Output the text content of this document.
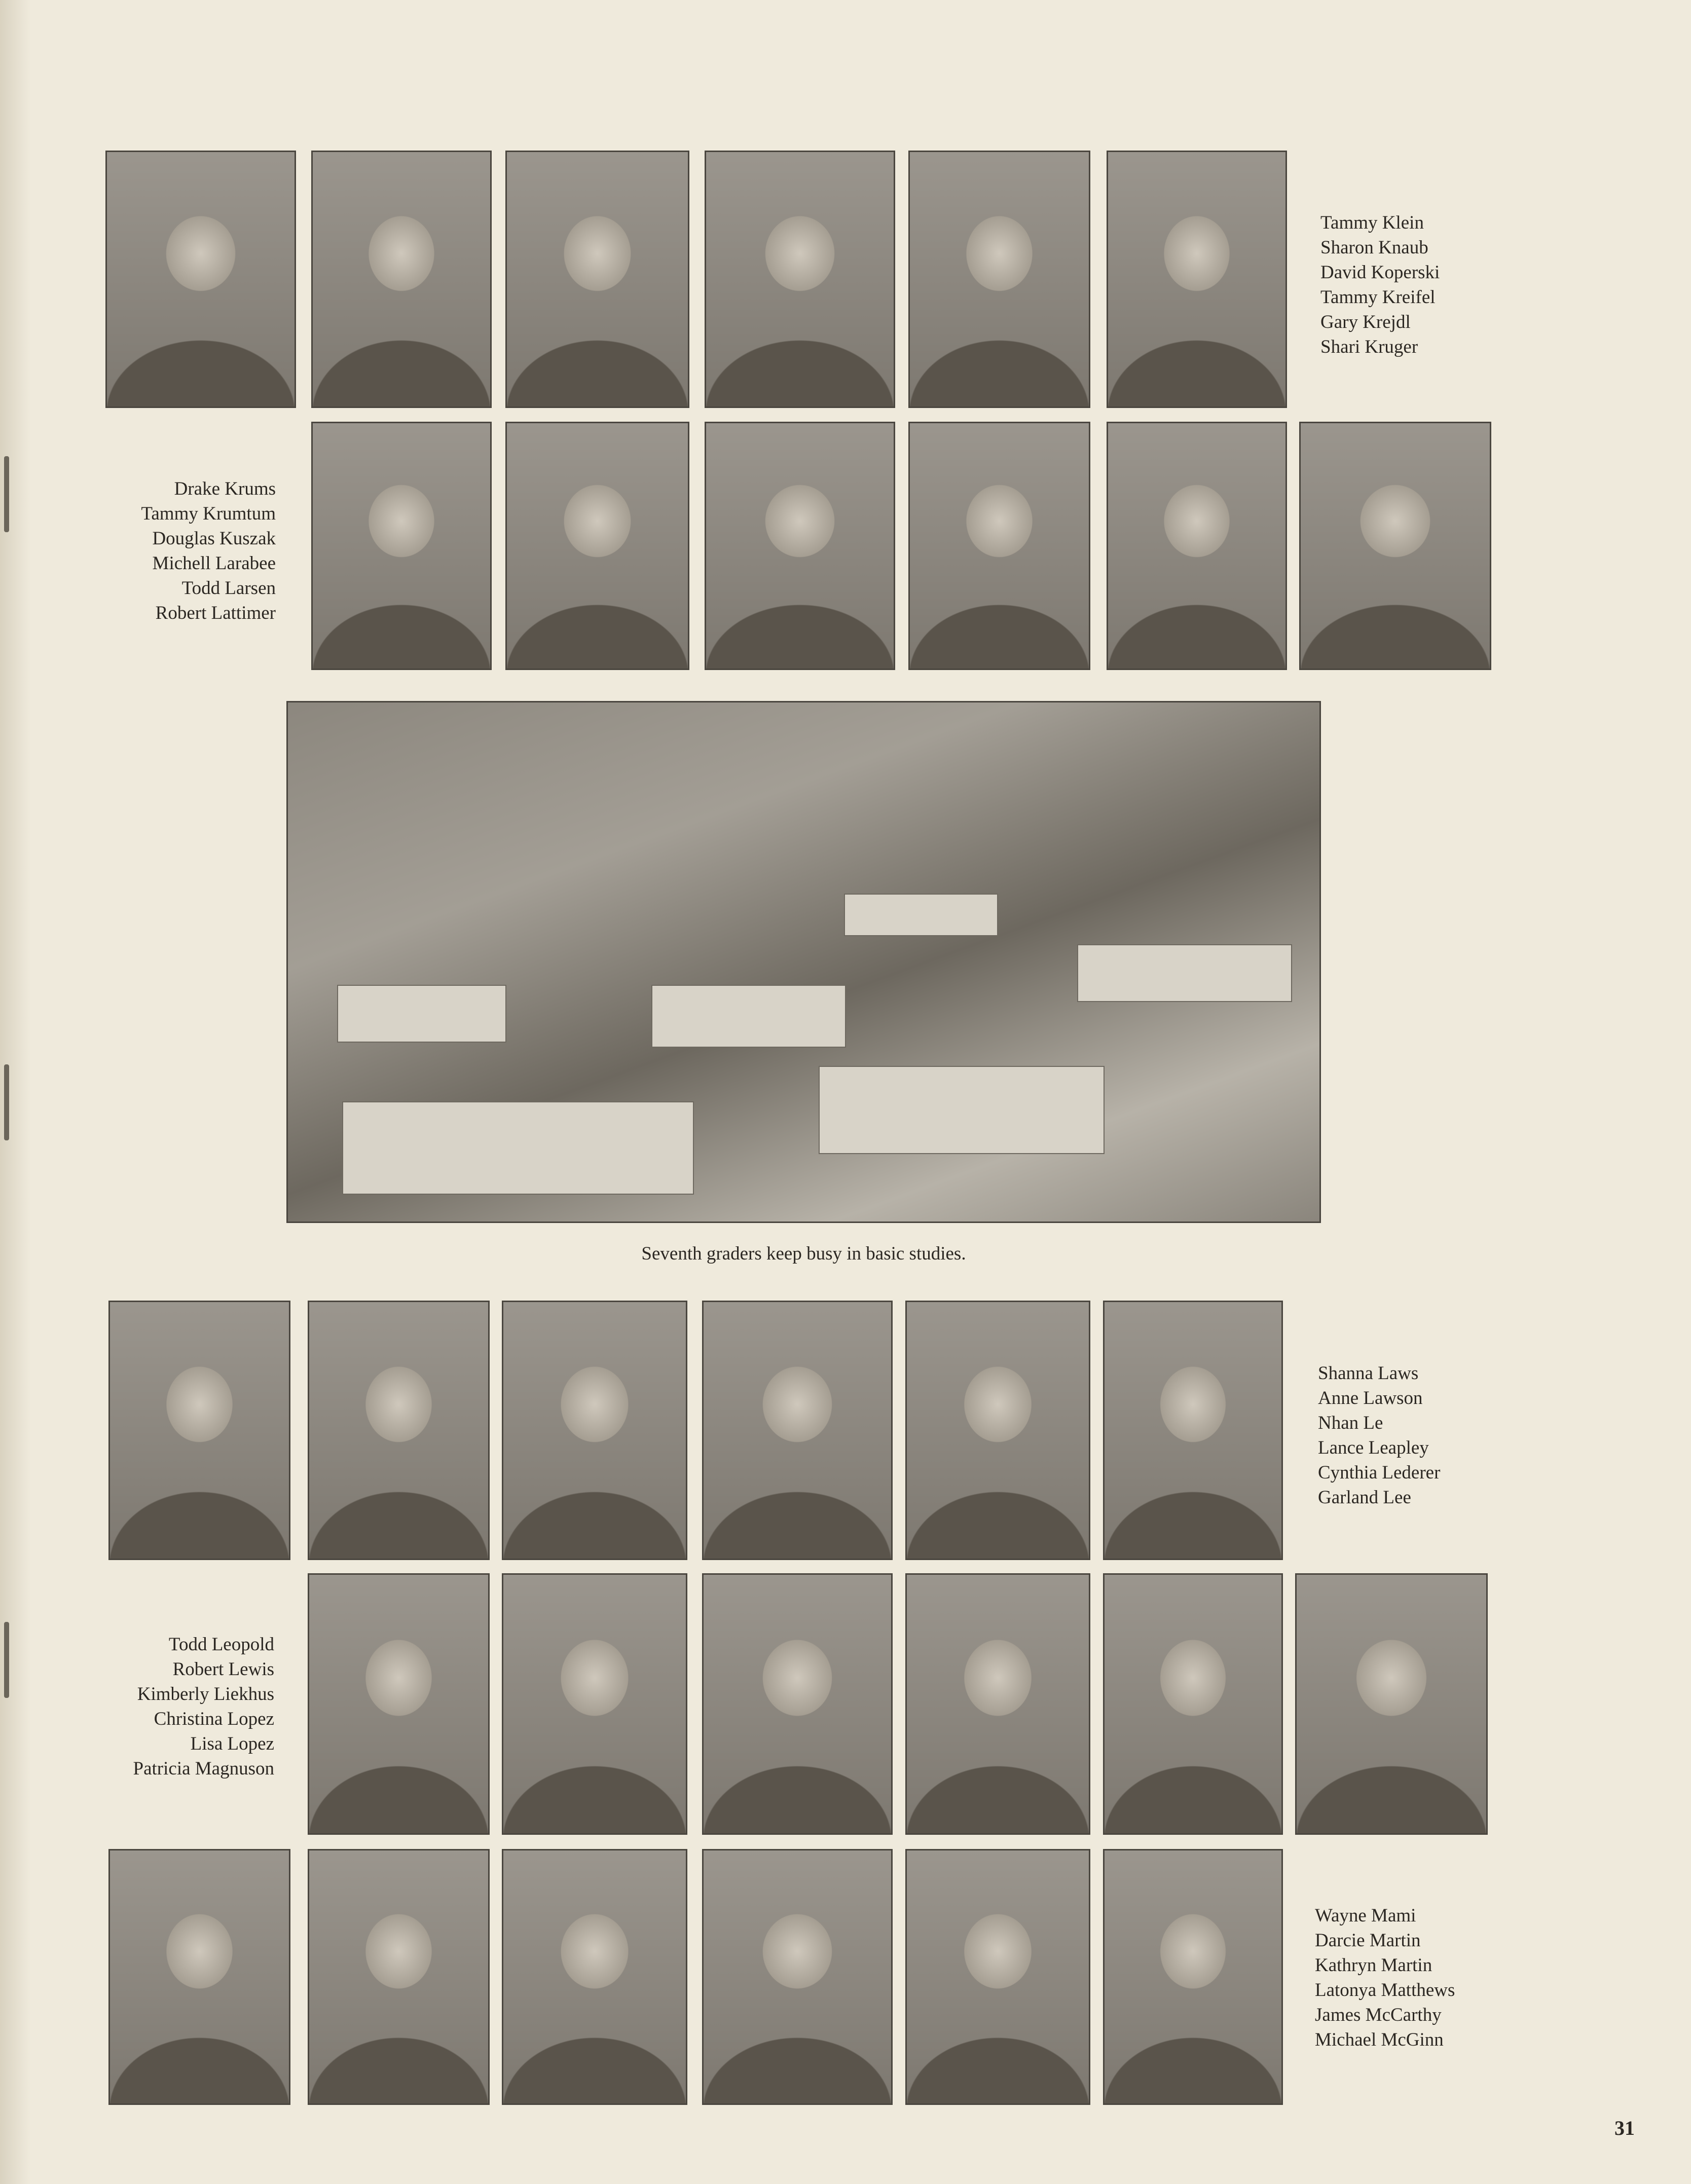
Tammy Klein
Sharon Knaub
David Koperski
Tammy Kreifel
Gary Krejdl
Shari Kruger
Drake Krums
Tammy Krumtum
Douglas Kuszak
Michell Larabee
Todd Larsen
Robert Lattimer
Seventh graders keep busy in basic studies.
Shanna Laws
Anne Lawson
Nhan Le
Lance Leapley
Cynthia Lederer
Garland Lee
Todd Leopold
Robert Lewis
Kimberly Liekhus
Christina Lopez
Lisa Lopez
Patricia Magnuson
Wayne Mami
Darcie Martin
Kathryn Martin
Latonya Matthews
James McCarthy
Michael McGinn
31
